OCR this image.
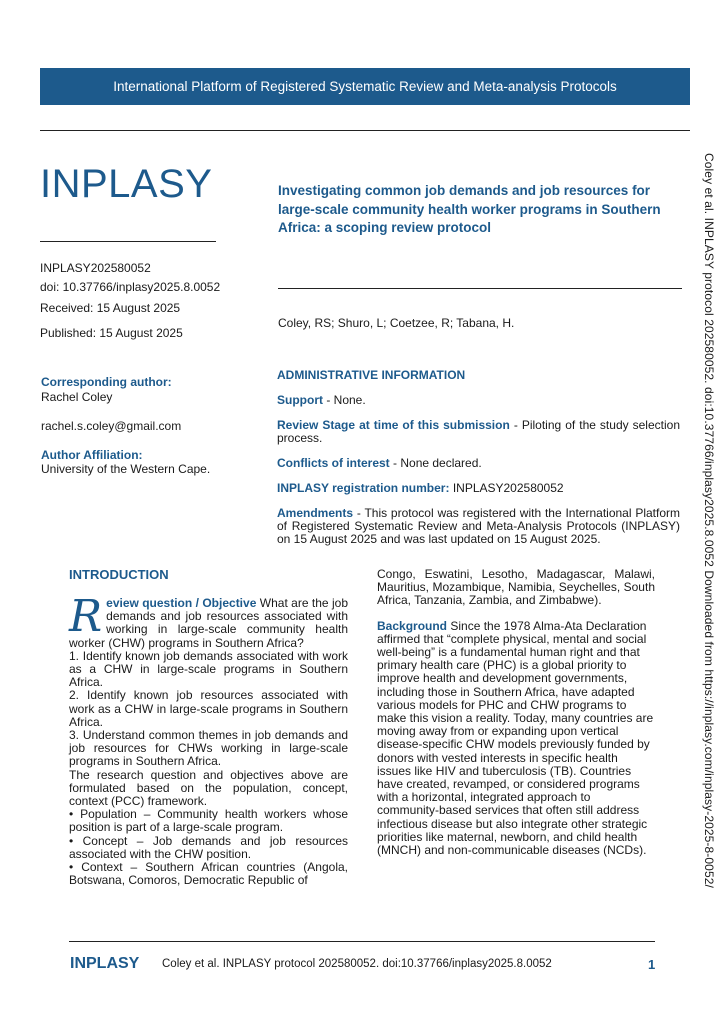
International Platform of Registered Systematic Review and Meta-analysis Protocols
INPLASY	Investigating common job demands and job resources for large-scale community health worker programs in Southern Africa: a scoping review protocol
Coley, RS; Shuro, L; Coetzee, R; Tabana, H.
INPLASY202580052
doi: 10.37766/inplasy2025.8.0052
Received: 15 August 2025
Published: 15 August 2025
Corresponding author:
Rachel Coley
rachel.s.coley@gmail.com
Author Affiliation:
University of the Western Cape.

ADMINISTRATIVE INFORMATION

Support - None.

Review Stage at time of this submission - Piloting of the study selection process.

Conflicts of interest - None declared.

INPLASY registration number: INPLASY202580052

Amendments - This protocol was registered with the International Platform of Registered Systematic Review and Meta-Analysis Protocols (INPLASY) on 15 August 2025 and was last updated on 15 August 2025.

INTRODUCTION
Review question / Objective What are the job demands and job resources associated with working in large-scale community health worker (CHW) programs in Southern Africa?
1. Identify known job demands associated with work as a CHW in large-scale programs in Southern Africa.
2. Identify known job resources associated with work as a CHW in large-scale programs in Southern Africa.
3. Understand common themes in job demands and job resources for CHWs working in large-scale programs in Southern Africa.
The research question and objectives above are formulated based on the population, concept, context (PCC) framework.
• Population – Community health workers whose position is part of a large-scale program.
• Concept – Job demands and job resources associated with the CHW position.
• Context – Southern African countries (Angola, Botswana, Comoros, Democratic Republic of
Congo, Eswatini, Lesotho, Madagascar, Malawi, Mauritius, Mozambique, Namibia, Seychelles, South Africa, Tanzania, Zambia, and Zimbabwe).
Background Since the 1978 Alma-Ata Declaration affirmed that “complete physical, mental and social well-being” is a fundamental human right and that primary health care (PHC) is a global priority to improve health and development governments, including those in Southern Africa, have adapted various models for PHC and CHW programs to make this vision a reality. Today, many countries are moving away from or expanding upon vertical disease-specific CHW models previously funded by donors with vested interests in specific health issues like HIV and tuberculosis (TB). Countries have created, revamped, or considered programs with a horizontal, integrated approach to community-based services that often still address infectious disease but also integrate other strategic priorities like maternal, newborn, and child health (MNCH) and non-communicable diseases (NCDs).	Coley et al. INPLASY protocol 202580052. doi:10.37766/inplasy2025.8.0052 Downloaded from https://inplasy.com/inplasy-2025-8-0052/
INPLASY Coley et al. INPLASY protocol 202580052. doi:10.37766/inplasy2025.8.0052	1
